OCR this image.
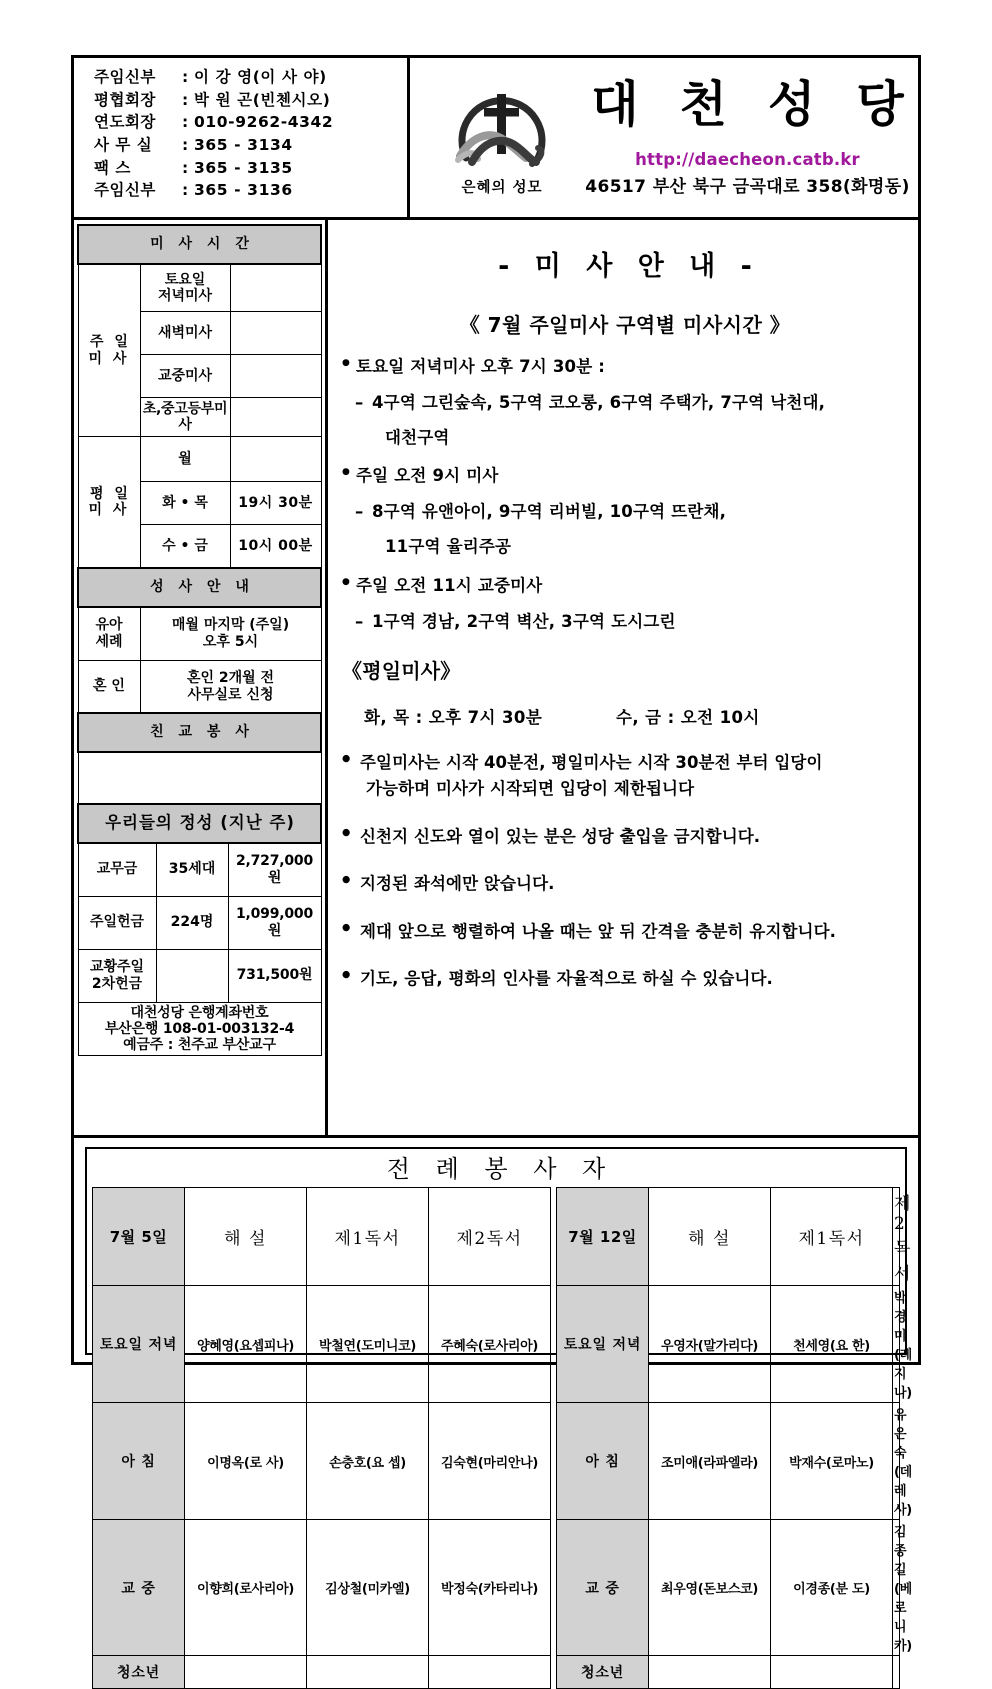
주임신부	: 이 강 영(이 사 야)
평협회장	: 박 원 곤(빈첸시오)
연도회장	: 010-9262-4342
사 무 실	: 365 - 3134
팩 스	: 365 - 3135
주임신부	: 365 - 3136	은혜의 성모
대 천 성 당
http://daecheon.catb.kr
46517 부산 북구 금곡대로 358(화명동)
미 사 시 간		
주 일
미 사	토요일
저녁미사	
	새벽미사	
	교중미사	
	초,중고등부미사	
평 일
미 사	월	
	화 • 목	19시 30분
	수 • 금	10시 00분
성 사 안 내	
유아
세례	매월 마지막 (주일)
오후 5시
혼 인	혼인 2개월 전
사무실로 신청
친 교 봉 사

우리들의 정성 (지난 주)		
교무금	35세대	2,727,000원
주일헌금	224명	1,099,000원
교황주일
2차헌금		731,500원
대천성당 은행계좌번호
부산은행 108-01-003132-4
예금주 : 천주교 부산교구		
- 미 사 안 내 -
《 7월 주일미사 구역별 미사시간 》
● 토요일 저녁미사 오후 7시 30분 :
– 4구역 그린숲속, 5구역 코오롱, 6구역 주택가, 7구역 낙천대,
대천구역
● 주일 오전 9시 미사
– 8구역 유앤아이, 9구역 리버빌, 10구역 뜨란채,
11구역 율리주공
● 주일 오전 11시 교중미사
– 1구역 경남, 2구역 벽산, 3구역 도시그린
《평일미사》
화, 목 : 오후 7시 30분	수, 금 : 오전 10시
● 주일미사는 시작 40분전, 평일미사는 시작 30분전 부터 입당이
가능하며 미사가 시작되면 입당이 제한됩니다
● 신천지 신도와 열이 있는 분은 성당 출입을 금지합니다.
● 지정된 좌석에만 앉습니다.
● 제대 앞으로 행렬하여 나올 때는 앞 뒤 간격을 충분히 유지합니다.
● 기도, 응답, 평화의 인사를 자율적으로 하실 수 있습니다.
전 례 봉 사 자
7월 5일	해 설	제1독서	제2독서		7월 12일	해 설	제1독서	제2독서
토요일 저녁	양혜영(요셉피나)	박철연(도미니코)	주혜숙(로사리아)		토요일 저녁	우영자(말가리다)	천세영(요 한)	박경미(레지나)
아 침	이명옥(로 사)	손충호(요 셉)	김숙현(마리안나)		아 침	조미애(라파엘라)	박재수(로마노)	유은숙(데레사)
교 중	이향희(로사리아)	김상철(미카엘)	박정숙(카타리나)		교 중	최우영(돈보스코)	이경종(분 도)	김종길(베로니카)
청소년					청소년			
